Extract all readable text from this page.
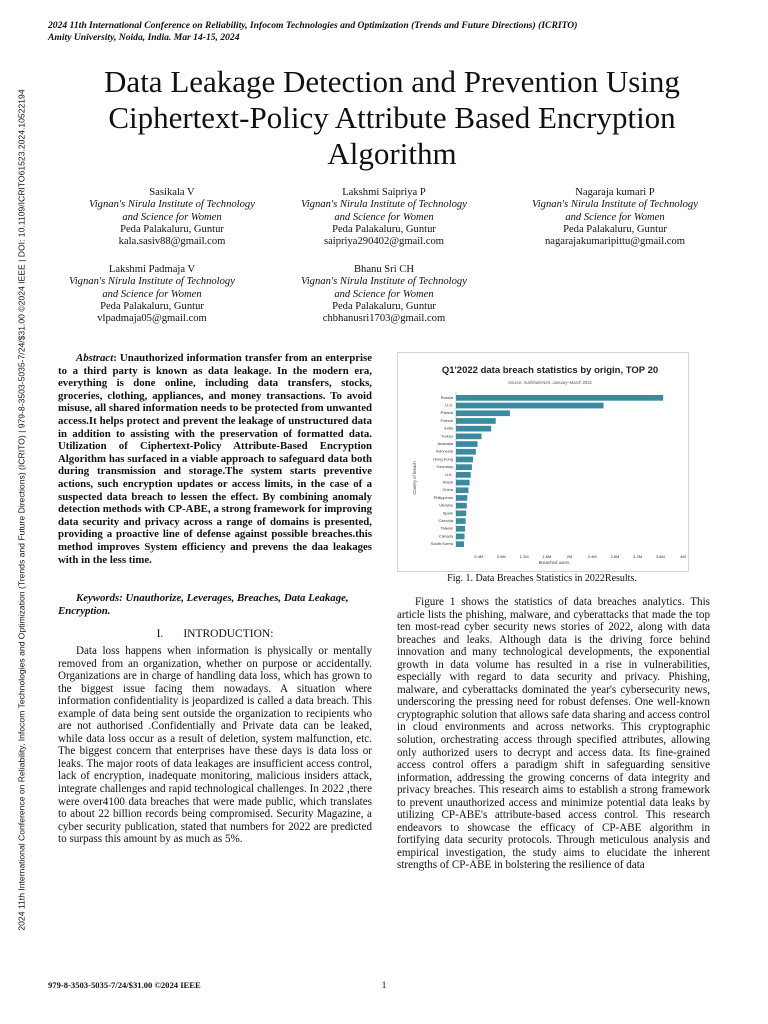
2024 11th International Conference on Reliability, Infocom Technologies and Optimization (Trends and Future Directions) (ICRITO)
Amity University, Noida, India. Mar 14-15, 2024
2024 11th International Conference on Reliability, Infocom Technologies and Optimization (Trends and Future Directions) (ICRITO) | 979-8-3503-5035-7/24/$31.00 ©2024 IEEE | DOI: 10.1109/ICRITO61523.2024.10522194
Data Leakage Detection and Prevention Using Ciphertext-Policy Attribute Based Encryption Algorithm
Sasikala V
Vignan's Nirula Institute of Technology
and Science for Women
Peda Palakaluru, Guntur
kala.sasiv88@gmail.com
Lakshmi Saipriya P
Vignan's Nirula Institute of Technology
and Science for Women
Peda Palakaluru, Guntur
saipriya290402@gmail.com
Nagaraja kumari P
Vignan's Nirula Institute of Technology
and Science for Women
Peda Palakaluru, Guntur
nagarajakumaripittu@gmail.com
Lakshmi Padmaja V
Vignan's Nirula Institute of Technology
and Science for Women
Peda Palakaluru, Guntur
vlpadmaja05@gmail.com
Bhanu Sri CH
Vignan's Nirula Institute of Technology
and Science for Women
Peda Palakaluru, Guntur
chbhanusri1703@gmail.com

Abstract: Unauthorized information transfer from an enterprise to a third party is known as data leakage. In the modern era, everything is done online, including data transfers, stocks, groceries, clothing, appliances, and money transactions. To avoid misuse, all shared information needs to be protected from unwanted access.It helps protect and prevent the leakage of unstructured data in addition to assisting with the preservation of formatted data. Utilization of Ciphertext-Policy Attribute-Based Encryption Algorithm has surfaced in a viable approach to safeguard data both during transmission and storage.The system starts preventive actions, such encryption updates or access limits, in the case of a suspected data breach to lessen the effect. By combining anomaly detection methods with CP-ABE, a strong framework for improving data security and privacy across a range of domains is presented, providing a proactive line of defense against possible breaches.this method improves System efficiency and prevens the daa leakages with in the less time.

Keywords: Unauthorize, Leverages, Breaches, Data Leakage, Encryption.

I. INTRODUCTION:

Data loss happens when information is physically or mentally removed from an organization, whether on purpose or accidentally. Organizations are in charge of handling data loss, which has grown to the biggest issue facing them nowadays. A situation where information confidentiality is jeopardized is called a data breach. This example of data being sent outside the organization to recipients who are not authorised .Confidentially and Private data can be leaked, while data loss occur as a result of deletion, system malfunction, etc. The biggest concern that enterprises have these days is data loss or leaks. The major roots of data leakages are insufficient access control, lack of encryption, inadequate monitoring, malicious insiders attack, integrate challenges and rapid technological challenges. In 2022 ,there were over4100 data breaches that were made public, which translates to about 22 billion records being compromised. Security Magazine, a cyber security publication, stated that numbers for 2022 are predicted to surpass this amount by as much as 5%.

Q1'2022 data breach statistics by origin, TOP 20
Source: SurfsharkAlert, January–March 2022
Country of breach
Breached users
Russia
U.S.
Poland
France
India
Turkey
Australia
Indonesia
Hong Kong
Germany
U.K.
Brazil
China
Philippines
Ukraine
Spain
Czechia
Taiwan
Canada
South Korea
0.4M	0.8M	1.2M	1.6M	2M	2.4M	2.8M	3.2M	3.6M	4M
Fig. 1. Data Breaches Statistics in 2022Results.

Figure 1 shows the statistics of data breaches analytics. This article lists the phishing, malware, and cyberattacks that made the top ten most-read cyber security news stories of 2022, along with data breaches and leaks. Although data is the driving force behind innovation and many technological developments, the exponential growth in data volume has resulted in a rise in vulnerabilities, especially with regard to data security and privacy. Phishing, malware, and cyberattacks dominated the year's cybersecurity news, underscoring the pressing need for robust defenses. One well-known cryptographic solution that allows safe data sharing and access control in cloud environments and across networks. This cryptographic solution, orchestrating access through specified attributes, allowing only authorized users to decrypt and access data. Its fine-grained access control offers a paradigm shift in safeguarding sensitive information, addressing the growing concerns of data integrity and privacy breaches. This research aims to establish a strong framework to prevent unauthorized access and minimize potential data leaks by utilizing CP-ABE's attribute-based access control. This research endeavors to showcase the efficacy of CP-ABE algorithm in fortifying data security protocols. Through meticulous analysis and empirical investigation, the study aims to elucidate the inherent strengths of CP-ABE in bolstering the resilience of data

979-8-3503-5035-7/24/$31.00 ©2024 IEEE	1
